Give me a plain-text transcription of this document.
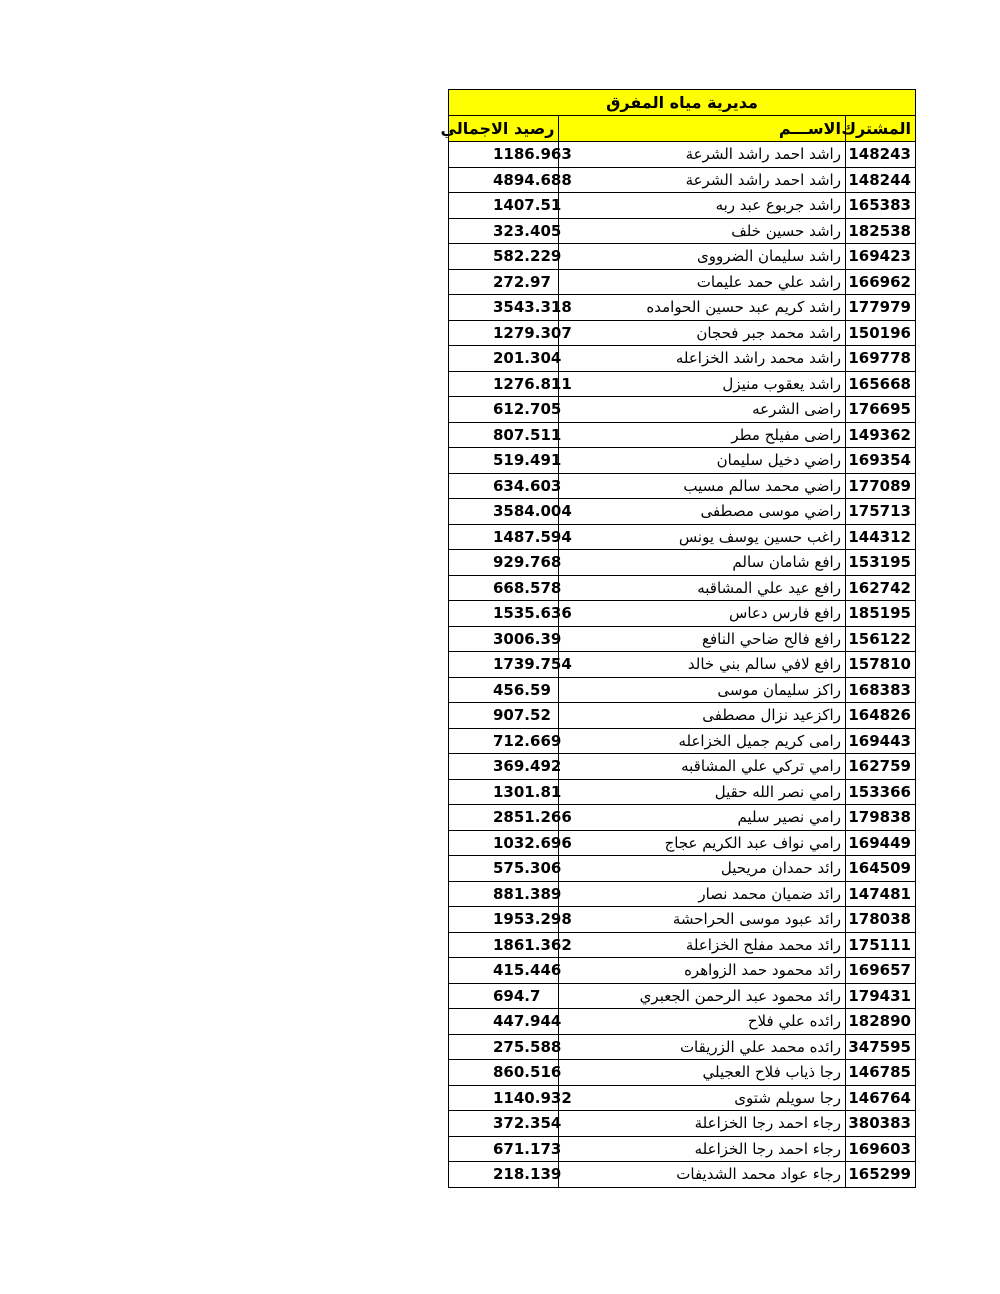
مديرية مياه المفرق		
المشترك	الاســـم	رصيد الاجمالي
148243	راشد احمد راشد الشرعة	1186.963
148244	راشد احمد راشد الشرعة	4894.688
165383	راشد جربوع عبد ربه	1407.51
182538	راشد حسين خلف	323.405
169423	راشد سليمان الضرووى	582.229
166962	راشد علي حمد عليمات	272.97
177979	راشد كريم عبد حسين الحوامده	3543.318
150196	راشد محمد جبر فحجان	1279.307
169778	راشد محمد راشد الخزاعله	201.304
165668	راشد يعقوب منيزل	1276.811
176695	راضى الشرعه	612.705
149362	راضى مفيلح مطر	807.511
169354	راضي دخيل سليمان	519.491
177089	راضي محمد سالم مسيب	634.603
175713	راضي موسى مصطفى	3584.004
144312	راغب حسين يوسف يونس	1487.594
153195	رافع شامان سالم	929.768
162742	رافع عيد علي المشاقبه	668.578
185195	رافع فارس دعاس	1535.636
156122	رافع فالح ضاحي النافع	3006.39
157810	رافع لافي سالم بني خالد	1739.754
168383	راكز سليمان موسى	456.59
164826	راكزعيد نزال مصطفى	907.52
169443	رامى كريم جميل الخزاعله	712.669
162759	رامي تركي علي المشاقبه	369.492
153366	رامي نصر الله حقيل	1301.81
179838	رامي نصير سليم	2851.266
169449	رامي نواف عبد الكريم عجاج	1032.696
164509	رائد حمدان مريحيل	575.306
147481	رائد ضميان محمد نصار	881.389
178038	رائد عبود موسى الحراحشة	1953.298
175111	رائد محمد مفلح الخزاعلة	1861.362
169657	رائد محمود حمد الزواهره	415.446
179431	رائد محمود عبد الرحمن الجعبري	694.7
182890	رائده علي فلاح	447.944
347595	رائده محمد علي الزريقات	275.588
146785	رجا ذياب فلاح العجيلي	860.516
146764	رجا سويلم شتوى	1140.932
380383	رجاء احمد رجا الخزاعلة	372.354
169603	رجاء احمد رجا الخزاعله	671.173
165299	رجاء عواد محمد الشديفات	218.139
